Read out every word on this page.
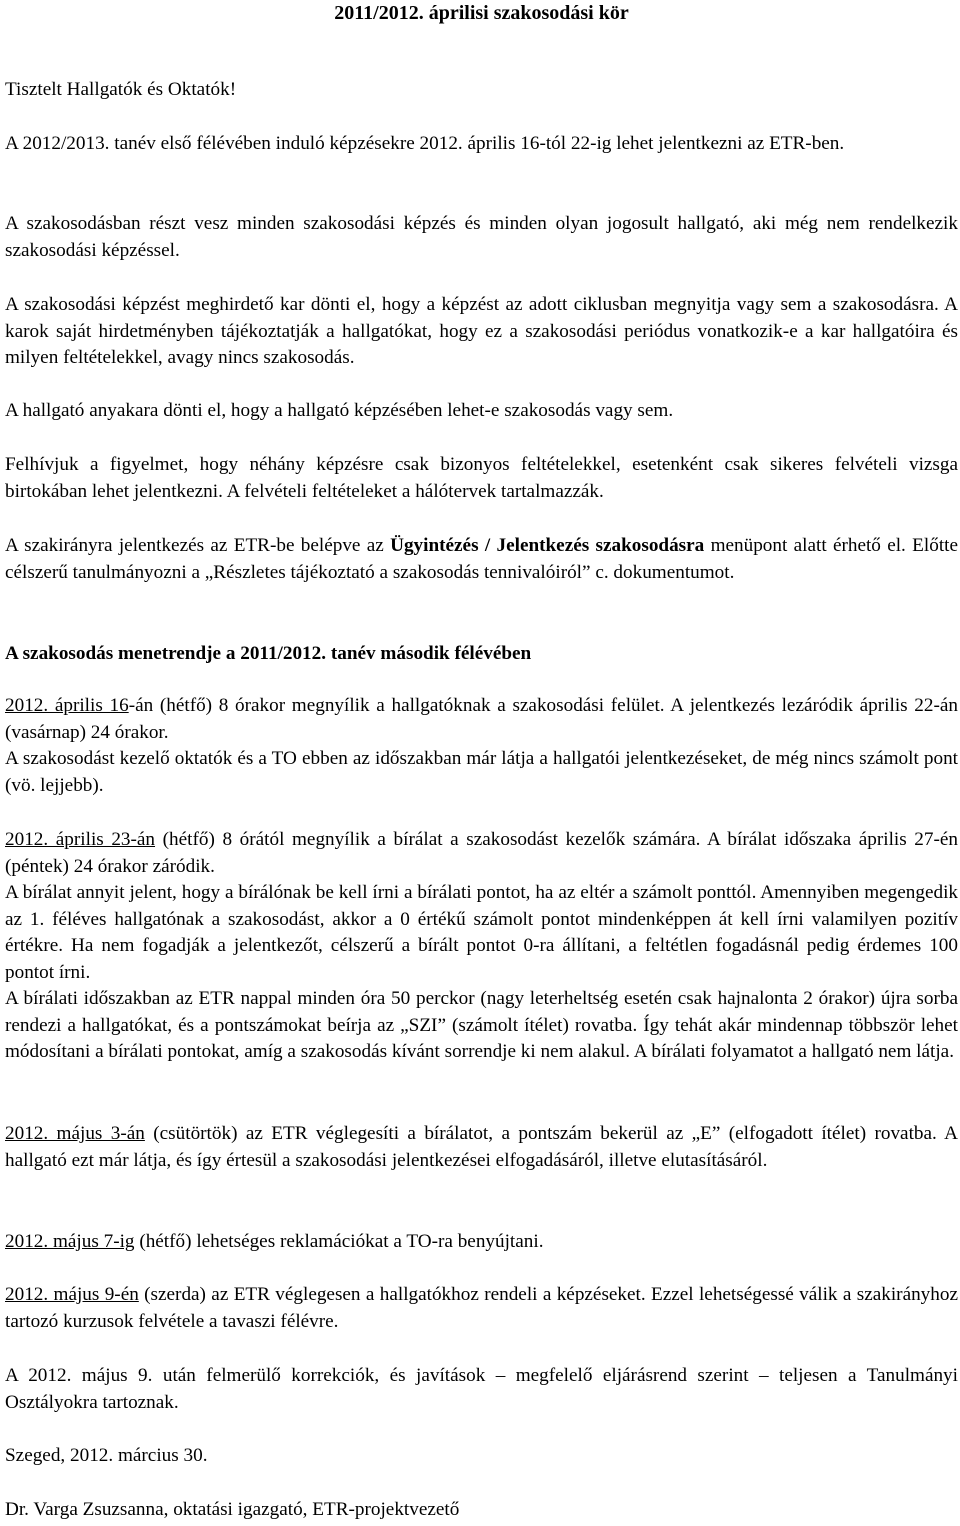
2011/2012. áprilisi szakosodási kör

Tisztelt Hallgatók és Oktatók!

A 2012/2013. tanév első félévében induló képzésekre 2012. április 16-tól 22-ig lehet jelentkezni az ETR-ben.

A szakosodásban részt vesz minden szakosodási képzés és minden olyan jogosult hallgató, aki még nem rendelkezik szakosodási képzéssel.

A szakosodási képzést meghirdető kar dönti el, hogy a képzést az adott ciklusban megnyitja vagy sem a szakosodásra. A karok saját hirdetményben tájékoztatják a hallgatókat, hogy ez a szakosodási periódus vonatkozik-e a kar hallgatóira és milyen feltételekkel, avagy nincs szakosodás.

A hallgató anyakara dönti el, hogy a hallgató képzésében lehet-e szakosodás vagy sem.

Felhívjuk a figyelmet, hogy néhány képzésre csak bizonyos feltételekkel, esetenként csak sikeres felvételi vizsga birtokában lehet jelentkezni. A felvételi feltételeket a hálótervek tartalmazzák.

A szakirányra jelentkezés az ETR-be belépve az Ügyintézés / Jelentkezés szakosodásra menüpont alatt érhető el. Előtte célszerű tanulmányozni a „Részletes tájékoztató a szakosodás tennivalóiról” c. dokumentumot.

A szakosodás menetrendje a 2011/2012. tanév második félévében

2012. április 16-án (hétfő) 8 órakor megnyílik a hallgatóknak a szakosodási felület. A jelentkezés lezáródik április 22-án (vasárnap) 24 órakor.

A szakosodást kezelő oktatók és a TO ebben az időszakban már látja a hallgatói jelentkezéseket, de még nincs számolt pont (vö. lejjebb).

2012. április 23-án (hétfő) 8 órától megnyílik a bírálat a szakosodást kezelők számára. A bírálat időszaka április 27-én (péntek) 24 órakor záródik.

A bírálat annyit jelent, hogy a bírálónak be kell írni a bírálati pontot, ha az eltér a számolt ponttól. Amennyiben megengedik az 1. féléves hallgatónak a szakosodást, akkor a 0 értékű számolt pontot mindenképpen át kell írni valamilyen pozitív értékre. Ha nem fogadják a jelentkezőt, célszerű a bírált pontot 0-ra állítani, a feltétlen fogadásnál pedig érdemes 100 pontot írni.

A bírálati időszakban az ETR nappal minden óra 50 perckor (nagy leterheltség esetén csak hajnalonta 2 órakor) újra sorba rendezi a hallgatókat, és a pontszámokat beírja az „SZI” (számolt ítélet) rovatba. Így tehát akár mindennap többször lehet módosítani a bírálati pontokat, amíg a szakosodás kívánt sorrendje ki nem alakul. A bírálati folyamatot a hallgató nem látja.

2012. május 3-án (csütörtök) az ETR véglegesíti a bírálatot, a pontszám bekerül az „E” (elfogadott ítélet) rovatba. A hallgató ezt már látja, és így értesül a szakosodási jelentkezései elfogadásáról, illetve elutasításáról.

2012. május 7-ig (hétfő) lehetséges reklamációkat a TO-ra benyújtani.

2012. május 9-én (szerda) az ETR véglegesen a hallgatókhoz rendeli a képzéseket. Ezzel lehetségessé válik a szakirányhoz tartozó kurzusok felvétele a tavaszi félévre.

A 2012. május 9. után felmerülő korrekciók, és javítások – megfelelő eljárásrend szerint – teljesen a Tanulmányi Osztályokra tartoznak.

Szeged, 2012. március 30.

Dr. Varga Zsuzsanna, oktatási igazgató, ETR-projektvezető
